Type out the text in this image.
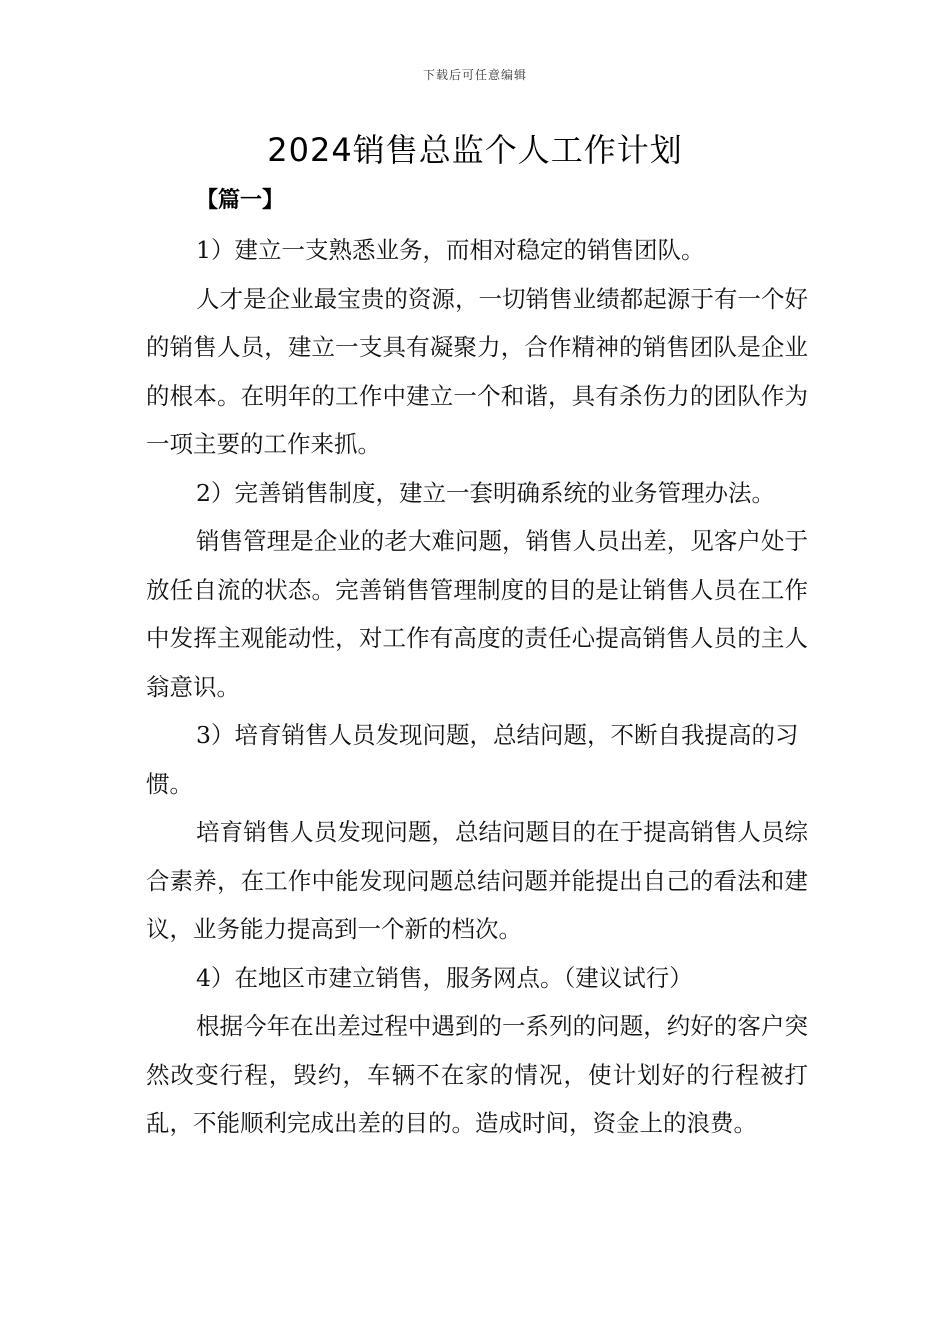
下载后可任意编辑
2024销售总监个人工作计划
【篇一】

1）建立一支熟悉业务，而相对稳定的销售团队。

人才是企业最宝贵的资源，一切销售业绩都起源于有一个好的销售人员，建立一支具有凝聚力，合作精神的销售团队是企业的根本。在明年的工作中建立一个和谐，具有杀伤力的团队作为一项主要的工作来抓。

2）完善销售制度，建立一套明确系统的业务管理办法。

销售管理是企业的老大难问题，销售人员出差，见客户处于放任自流的状态。完善销售管理制度的目的是让销售人员在工作中发挥主观能动性，对工作有高度的责任心提高销售人员的主人翁意识。

3）培育销售人员发现问题，总结问题，不断自我提高的习惯。

培育销售人员发现问题，总结问题目的在于提高销售人员综合素养，在工作中能发现问题总结问题并能提出自己的看法和建议，业务能力提高到一个新的档次。

4）在地区市建立销售，服务网点。（建议试行）

根据今年在出差过程中遇到的一系列的问题，约好的客户突然改变行程，毁约，车辆不在家的情况，使计划好的行程被打乱，不能顺利完成出差的目的。造成时间，资金上的浪费。
